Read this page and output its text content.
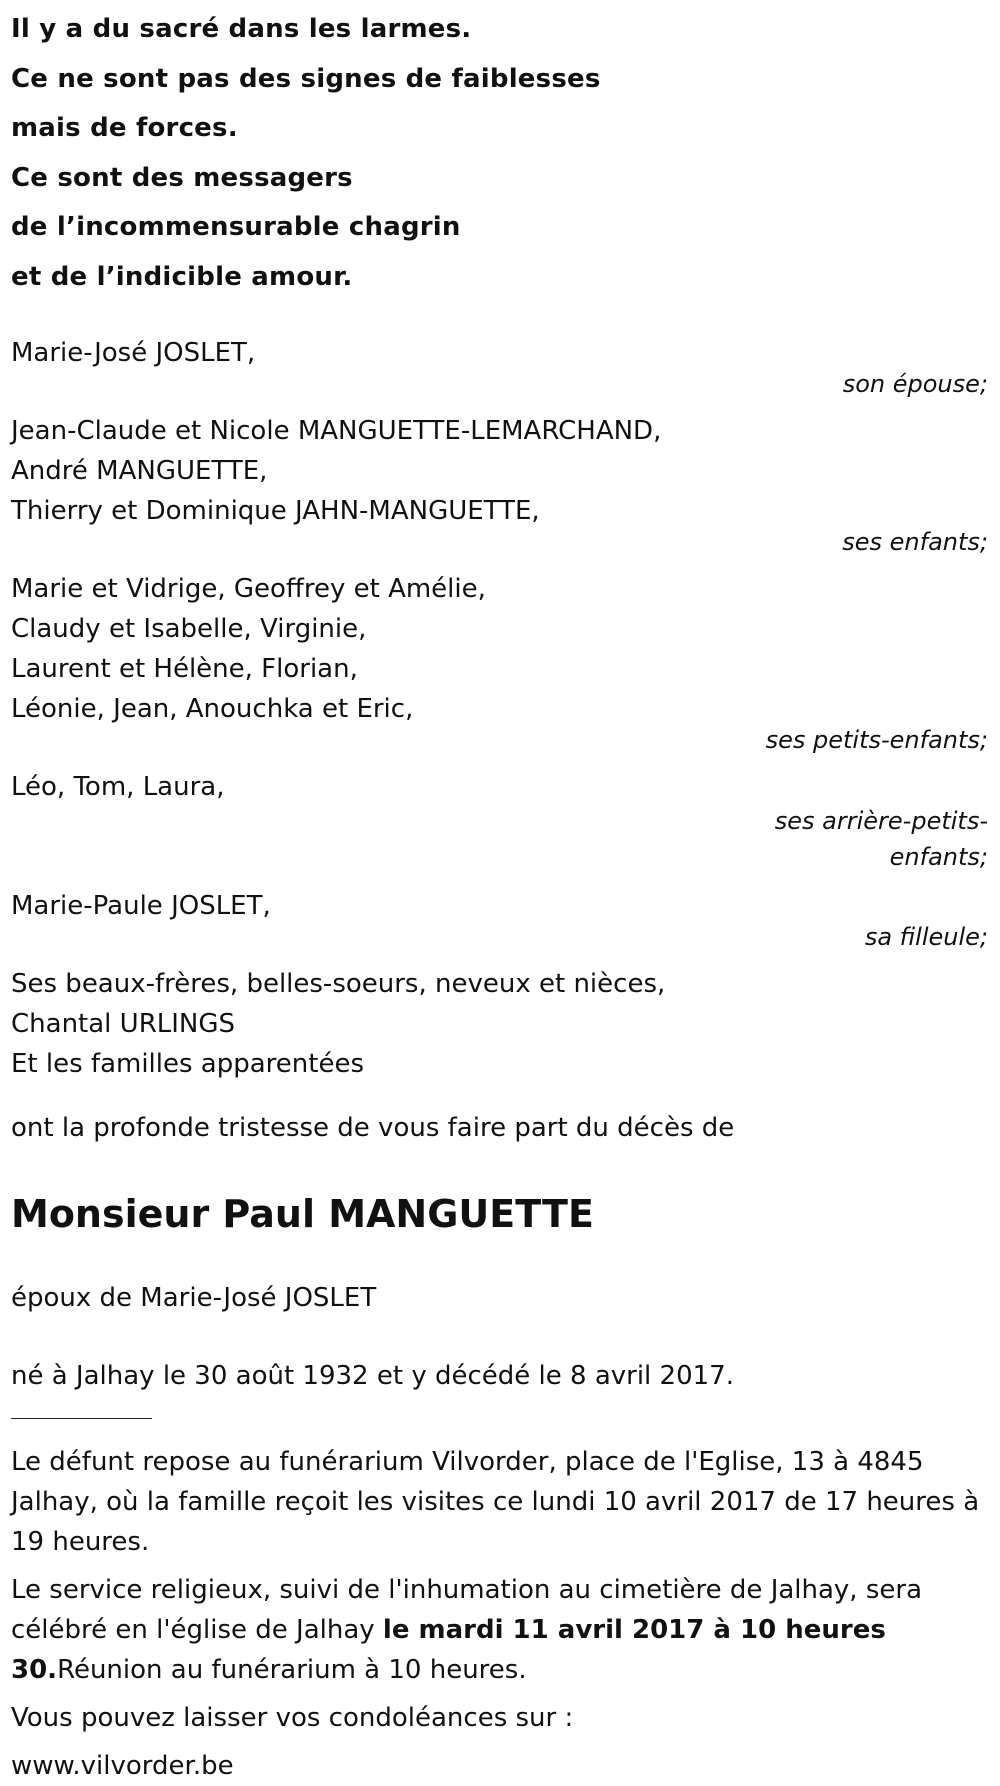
Il y a du sacré dans les larmes.

Ce ne sont pas des signes de faiblesses

mais de forces.

Ce sont des messagers

de l’incommensurable chagrin

et de l’indicible amour.

Marie-José JOSLET,

son épouse;

Jean-Claude et Nicole MANGUETTE-LEMARCHAND,

André MANGUETTE,

Thierry et Dominique JAHN-MANGUETTE,

ses enfants;

Marie et Vidrige, Geoffrey et Amélie,

Claudy et Isabelle, Virginie,

Laurent et Hélène, Florian,

Léonie, Jean, Anouchka et Eric,

ses petits-enfants;

Léo, Tom, Laura,

ses arrière-petits-enfants;

Marie-Paule JOSLET,

sa filleule;

Ses beaux-frères, belles-soeurs, neveux et nièces,

Chantal URLINGS

Et les familles apparentées

ont la profonde tristesse de vous faire part du décès de

Monsieur Paul MANGUETTE

époux de Marie-José JOSLET

né à Jalhay le 30 août 1932 et y décédé le 8 avril 2017.

Le défunt repose au funérarium Vilvorder, place de l'Eglise, 13 à 4845 Jalhay, où la famille reçoit les visites ce lundi 10 avril 2017 de 17 heures à 19 heures.

Le service religieux, suivi de l'inhumation au cimetière de Jalhay, sera célébré en l'église de Jalhay le mardi 11 avril 2017 à 10 heures 30.Réunion au funérarium à 10 heures.

Vous pouvez laisser vos condoléances sur :

www.vilvorder.be
